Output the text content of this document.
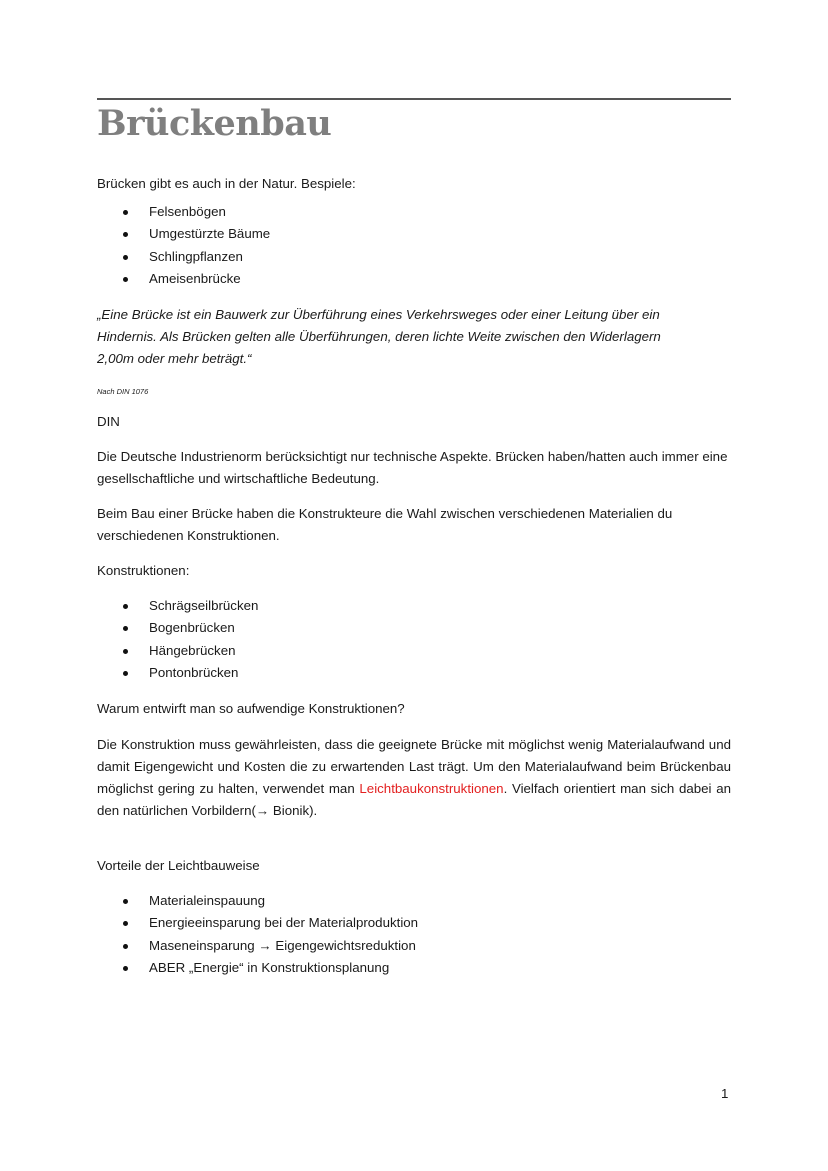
Brückenbau

Brücken gibt es auch in der Natur. Bespiele:

Felsenbögen
Umgestürzte Bäume
Schlingpflanzen
Ameisenbrücke

„Eine Brücke ist ein Bauwerk zur Überführung eines Verkehrsweges oder einer Leitung über ein Hindernis. Als Brücken gelten alle Überführungen, deren lichte Weite zwischen den Widerlagern 2,00m oder mehr beträgt.“

Nach DIN 1076

DIN

Die Deutsche Industrienorm berücksichtigt nur technische Aspekte. Brücken haben/hatten auch immer eine gesellschaftliche und wirtschaftliche Bedeutung.

Beim Bau einer Brücke haben die Konstrukteure die Wahl zwischen verschiedenen Materialien du verschiedenen Konstruktionen.

Konstruktionen:

Schrägseilbrücken
Bogenbrücken
Hängebrücken
Pontonbrücken

Warum entwirft man so aufwendige Konstruktionen?

Die Konstruktion muss gewährleisten, dass die geeignete Brücke mit möglichst wenig Materialaufwand und damit Eigengewicht und Kosten die zu erwartenden Last trägt. Um den Materialaufwand beim Brückenbau möglichst gering zu halten, verwendet man Leichtbaukonstruktionen. Vielfach orientiert man sich dabei an den natürlichen Vorbildern(→ Bionik).

Vorteile der Leichtbauweise

Materialeinspauung
Energieeinsparung bei der Materialproduktion
Maseneinsparung → Eigengewichtsreduktion
ABER „Energie“ in Konstruktionsplanung
1
